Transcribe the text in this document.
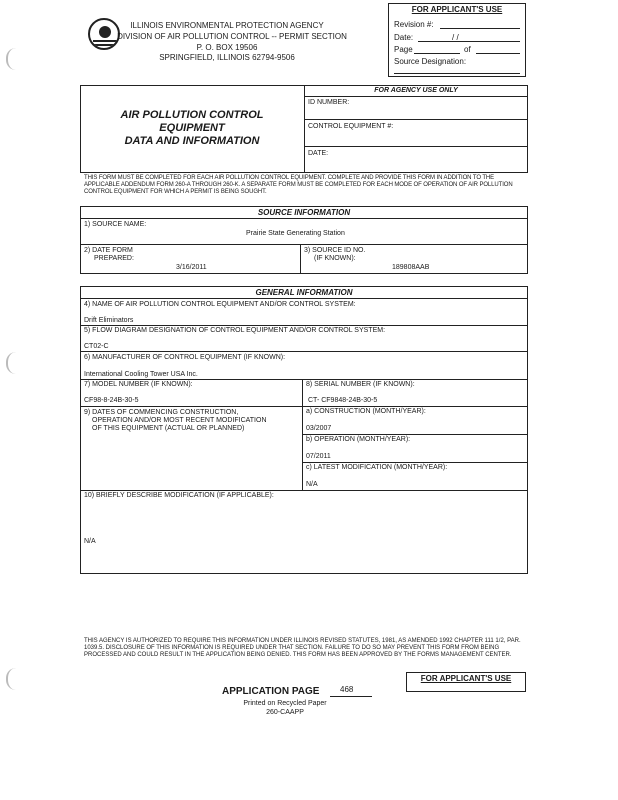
ILLINOIS ENVIRONMENTAL PROTECTION AGENCY
DIVISION OF AIR POLLUTION CONTROL -- PERMIT SECTION
P. O. BOX 19506
SPRINGFIELD, ILLINOIS 62794-9506
FOR APPLICANT'S USE
Revision #:
Date:	/ /
Page	of
Source Designation:
AIR POLLUTION CONTROL
EQUIPMENT
DATA AND INFORMATION
FOR AGENCY USE ONLY
ID NUMBER:
CONTROL EQUIPMENT #:
DATE:
THIS FORM MUST BE COMPLETED FOR EACH AIR POLLUTION CONTROL EQUIPMENT. COMPLETE AND PROVIDE THIS FORM IN ADDITION TO THE APPLICABLE ADDENDUM FORM 260-A THROUGH 260-K. A SEPARATE FORM MUST BE COMPLETED FOR EACH MODE OF OPERATION OF AIR POLLUTION CONTROL EQUIPMENT FOR WHICH A PERMIT IS BEING SOUGHT.
SOURCE INFORMATION
1) SOURCE NAME:
Prairie State Generating Station
2) DATE FORM
PREPARED:
3/16/2011
3) SOURCE ID NO.
(IF KNOWN):
189808AAB
GENERAL INFORMATION
4) NAME OF AIR POLLUTION CONTROL EQUIPMENT AND/OR CONTROL SYSTEM:
Drift Eliminators
5) FLOW DIAGRAM DESIGNATION OF CONTROL EQUIPMENT AND/OR CONTROL SYSTEM:
CT02-C
6) MANUFACTURER OF CONTROL EQUIPMENT (IF KNOWN):
International Cooling Tower USA Inc.
7) MODEL NUMBER (IF KNOWN):
CF98-8-24B-30-5
8) SERIAL NUMBER (IF KNOWN):
CT- CF9848-24B-30-5
9) DATES OF COMMENCING CONSTRUCTION,
OPERATION AND/OR MOST RECENT MODIFICATION
OF THIS EQUIPMENT (ACTUAL OR PLANNED)
a) CONSTRUCTION (MONTH/YEAR):
03/2007
b) OPERATION (MONTH/YEAR):
07/2011
c) LATEST MODIFICATION (MONTH/YEAR):
N/A
10) BRIEFLY DESCRIBE MODIFICATION (IF APPLICABLE):
N/A
THIS AGENCY IS AUTHORIZED TO REQUIRE THIS INFORMATION UNDER ILLINOIS REVISED STATUTES, 1981, AS AMENDED 1992 CHAPTER 111 1/2, PAR. 1039.5. DISCLOSURE OF THIS INFORMATION IS REQUIRED UNDER THAT SECTION. FAILURE TO DO SO MAY PREVENT THIS FORM FROM BEING PROCESSED AND COULD RESULT IN THE APPLICATION BEING DENIED. THIS FORM HAS BEEN APPROVED BY THE FORMS MANAGEMENT CENTER.
FOR APPLICANT'S USE
APPLICATION PAGE	468
Printed on Recycled Paper
260-CAAPP
